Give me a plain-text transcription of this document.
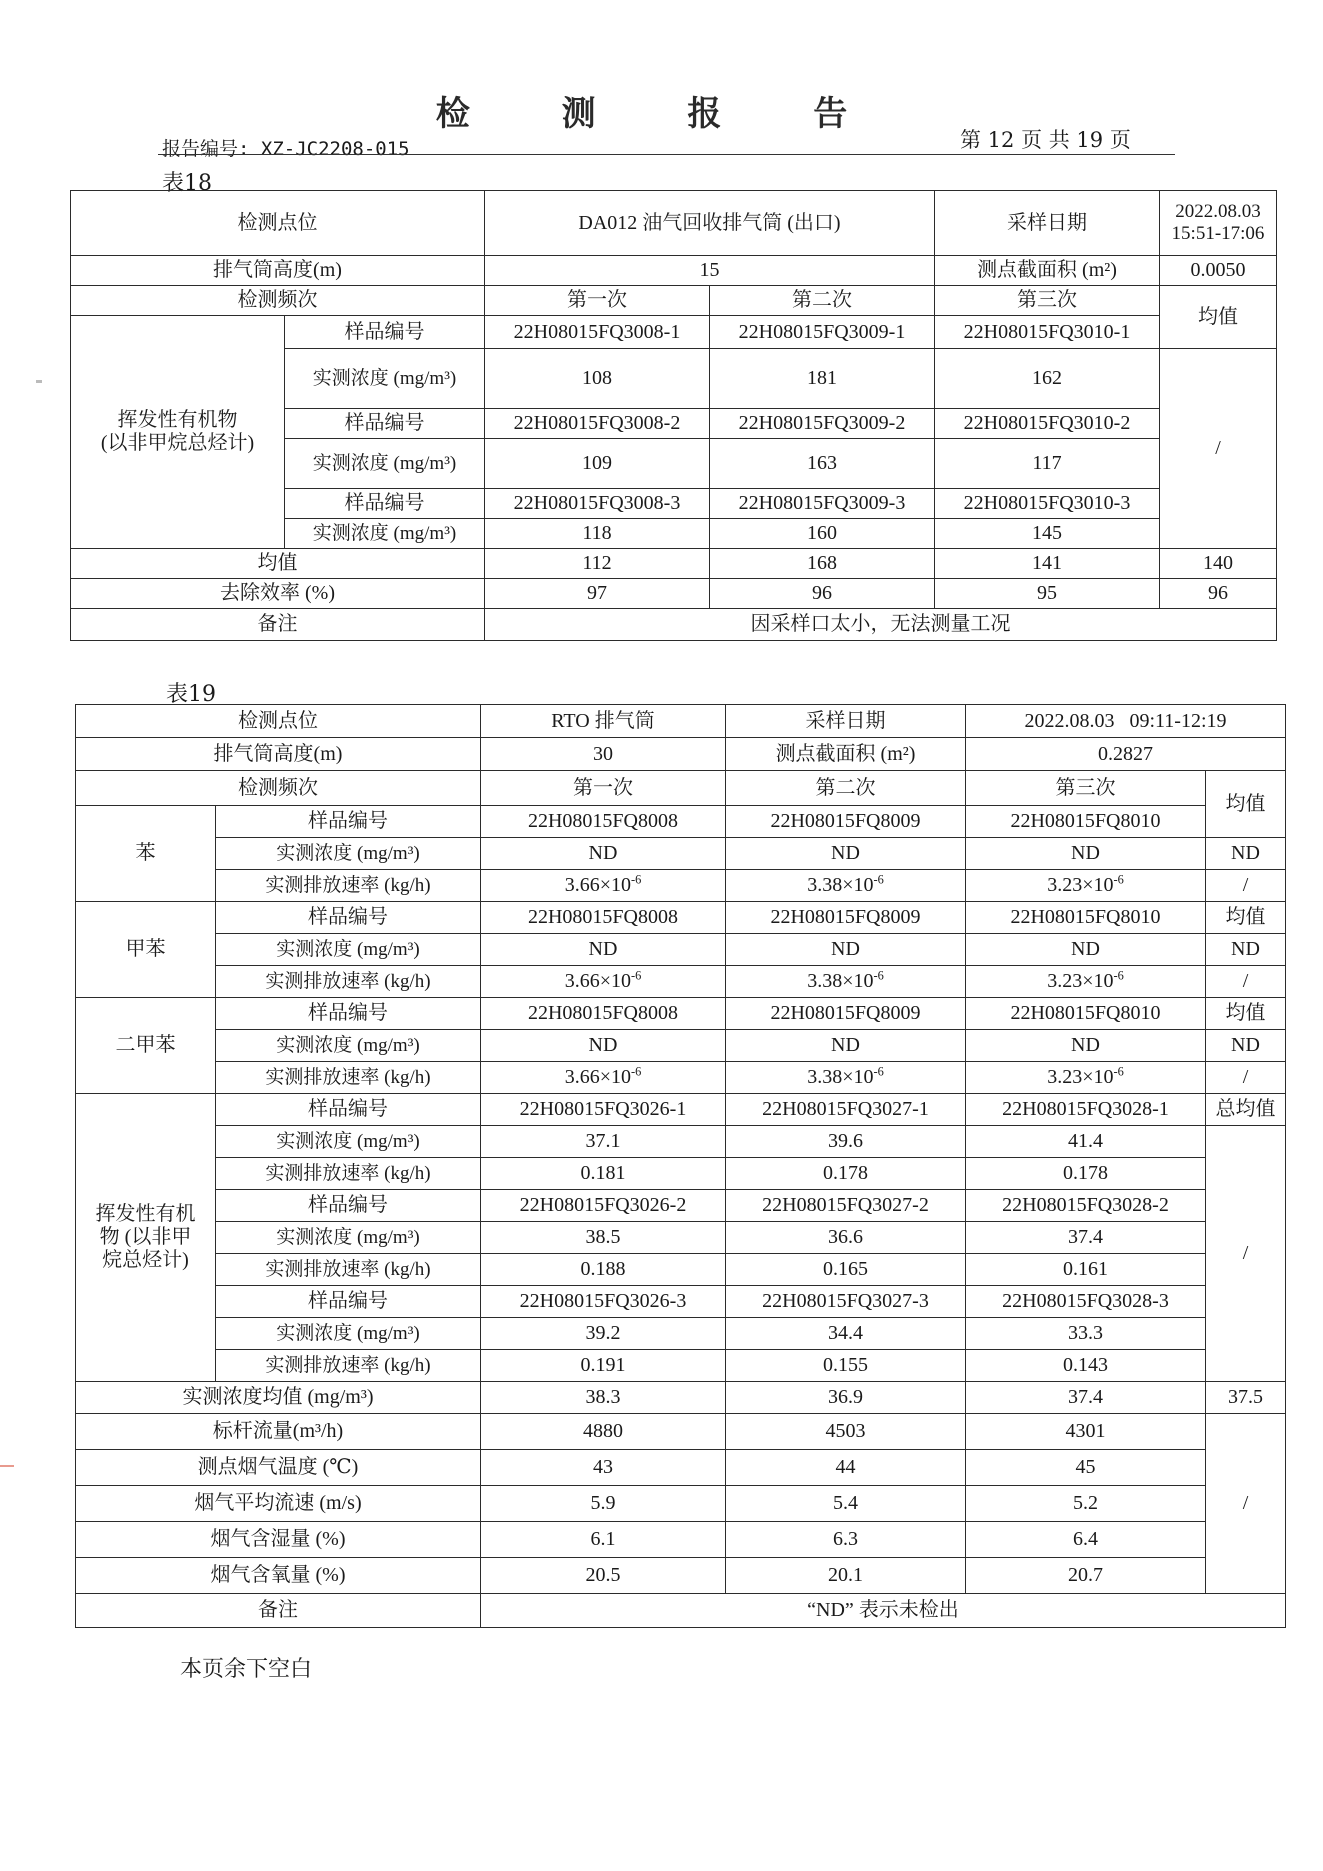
检 测 报 告
报告编号: XZ-JC2208-015	第 12 页 共 19 页
表18
检测点位		DA012 油气回收排气筒 (出口)		采样日期	2022.08.03
15:51-17:06

排气筒高度(m)		15		测点截面积 (m²)	0.0050
检测频次		第一次	第二次	第三次	均值

挥发性有机物
(以非甲烷总烃计)	样品编号	22H08015FQ3008-1	22H08015FQ3009-1	22H08015FQ3010-1	
	实测浓度 (mg/m³)	108	181	162	/
	样品编号	22H08015FQ3008-2	22H08015FQ3009-2	22H08015FQ3010-2	
	实测浓度 (mg/m³)	109	163	117	
	样品编号	22H08015FQ3008-3	22H08015FQ3009-3	22H08015FQ3010-3	
	实测浓度 (mg/m³)	118	160	145	
均值		112	168	141	140
去除效率 (%)		97	96	95	96
备注		因采样口太小，无法测量工况			
表19
检测点位		RTO 排气筒	采样日期	2022.08.03   09:11-12:19	
排气筒高度(m)		30	测点截面积 (m²)	0.2827	
检测频次		第一次	第二次	第三次	均值
苯	样品编号	22H08015FQ8008	22H08015FQ8009	22H08015FQ8010	
	实测浓度 (mg/m³)	ND	ND	ND	ND
	实测排放速率 (kg/h)	$3.66\times 10^{-6}$	$3.38\times 10^{-6}$	$3.23\times 10^{-6}$	/
甲苯	样品编号	22H08015FQ8008	22H08015FQ8009	22H08015FQ8010	均值
	实测浓度 (mg/m³)	ND	ND	ND	ND
	实测排放速率 (kg/h)	$3.66\times 10^{-6}$	$3.38\times 10^{-6}$	$3.23\times 10^{-6}$	/
二甲苯	样品编号	22H08015FQ8008	22H08015FQ8009	22H08015FQ8010	均值
	实测浓度 (mg/m³)	ND	ND	ND	ND
	实测排放速率 (kg/h)	$3.66\times 10^{-6}$	$3.38\times 10^{-6}$	$3.23\times 10^{-6}$	/

挥发性有机
物 (以非甲
烷总烃计)	样品编号	22H08015FQ3026-1	22H08015FQ3027-1	22H08015FQ3028-1	总均值
	实测浓度 (mg/m³)	37.1	39.6	41.4	/
	实测排放速率 (kg/h)	0.181	0.178	0.178	
	样品编号	22H08015FQ3026-2	22H08015FQ3027-2	22H08015FQ3028-2	
	实测浓度 (mg/m³)	38.5	36.6	37.4	
	实测排放速率 (kg/h)	0.188	0.165	0.161	
	样品编号	22H08015FQ3026-3	22H08015FQ3027-3	22H08015FQ3028-3	
	实测浓度 (mg/m³)	39.2	34.4	33.3	
	实测排放速率 (kg/h)	0.191	0.155	0.143	
实测浓度均值 (mg/m³)		38.3	36.9	37.4	37.5
标杆流量(m³/h)		4880	4503	4301	/
测点烟气温度 (℃)		43	44	45	
烟气平均流速 (m/s)		5.9	5.4	5.2	
烟气含湿量 (%)		6.1	6.3	6.4	
烟气含氧量 (%)		20.5	20.1	20.7	
备注		“ND” 表示未检出			
本页余下空白
